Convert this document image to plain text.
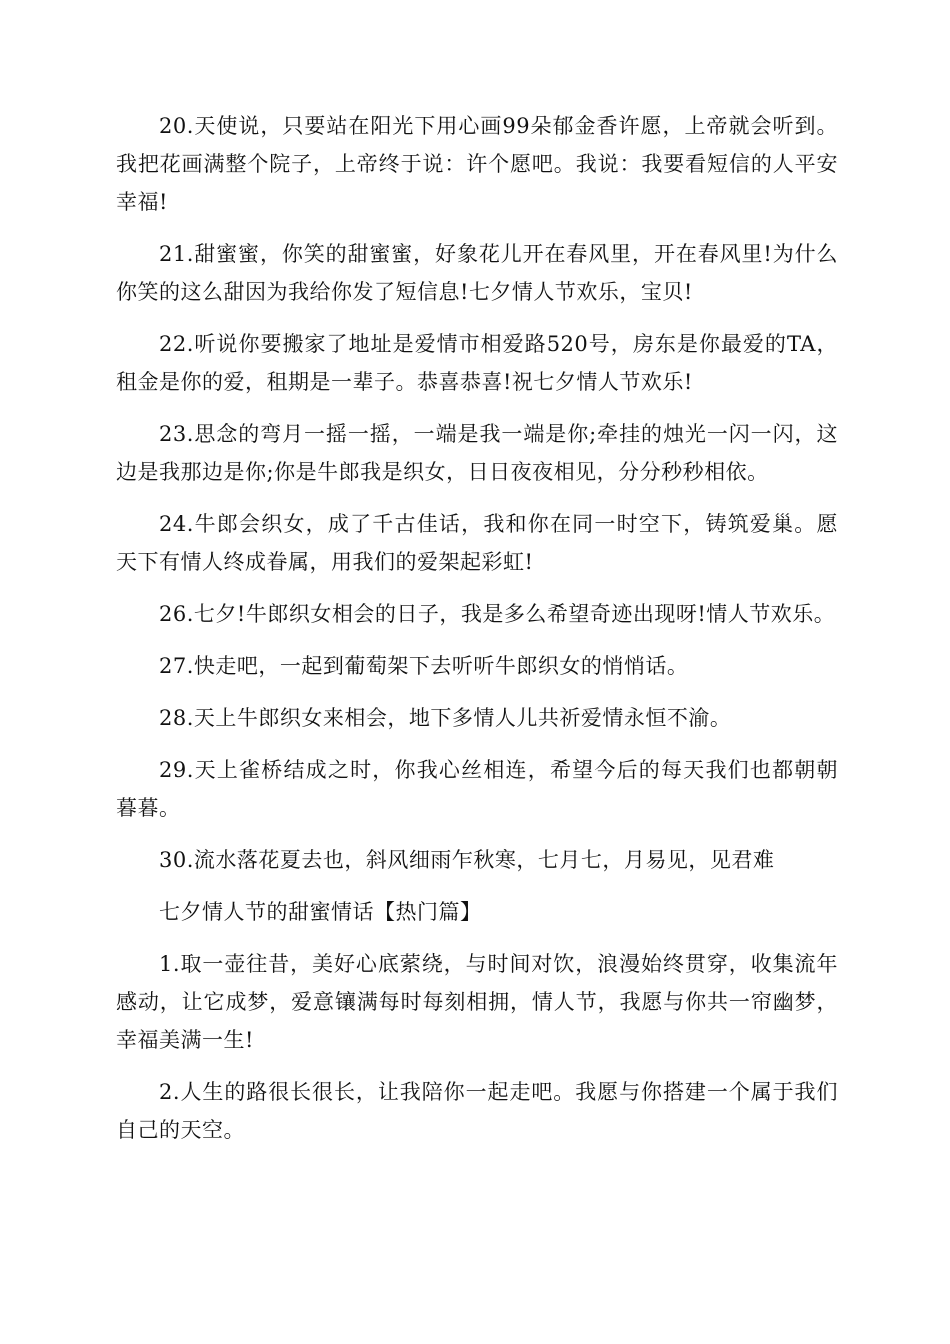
20.天使说，只要站在阳光下用心画99朵郁金香许愿，上帝就会听到。我把花画满整个院子，上帝终于说：许个愿吧。我说：我要看短信的人平安幸福!

21.甜蜜蜜，你笑的甜蜜蜜，好象花儿开在春风里，开在春风里!为什么你笑的这么甜因为我给你发了短信息!七夕情人节欢乐，宝贝!

22.听说你要搬家了地址是爱情市相爱路520号，房东是你最爱的TA，租金是你的爱，租期是一辈子。恭喜恭喜!祝七夕情人节欢乐!

23.思念的弯月一摇一摇，一端是我一端是你;牵挂的烛光一闪一闪，这边是我那边是你;你是牛郎我是织女，日日夜夜相见，分分秒秒相依。

24.牛郎会织女，成了千古佳话，我和你在同一时空下，铸筑爱巢。愿天下有情人终成眷属，用我们的爱架起彩虹!

26.七夕!牛郎织女相会的日子，我是多么希望奇迹出现呀!情人节欢乐。

27.快走吧，一起到葡萄架下去听听牛郎织女的悄悄话。

28.天上牛郎织女来相会，地下多情人儿共祈爱情永恒不渝。

29.天上雀桥结成之时，你我心丝相连，希望今后的每天我们也都朝朝暮暮。

30.流水落花夏去也，斜风细雨乍秋寒，七月七，月易见，见君难

七夕情人节的甜蜜情话【热门篇】

1.取一壶往昔，美好心底萦绕，与时间对饮，浪漫始终贯穿，收集流年感动，让它成梦，爱意镶满每时每刻相拥，情人节，我愿与你共一帘幽梦，幸福美满一生!

2.人生的路很长很长，让我陪你一起走吧。我愿与你搭建一个属于我们自己的天空。
